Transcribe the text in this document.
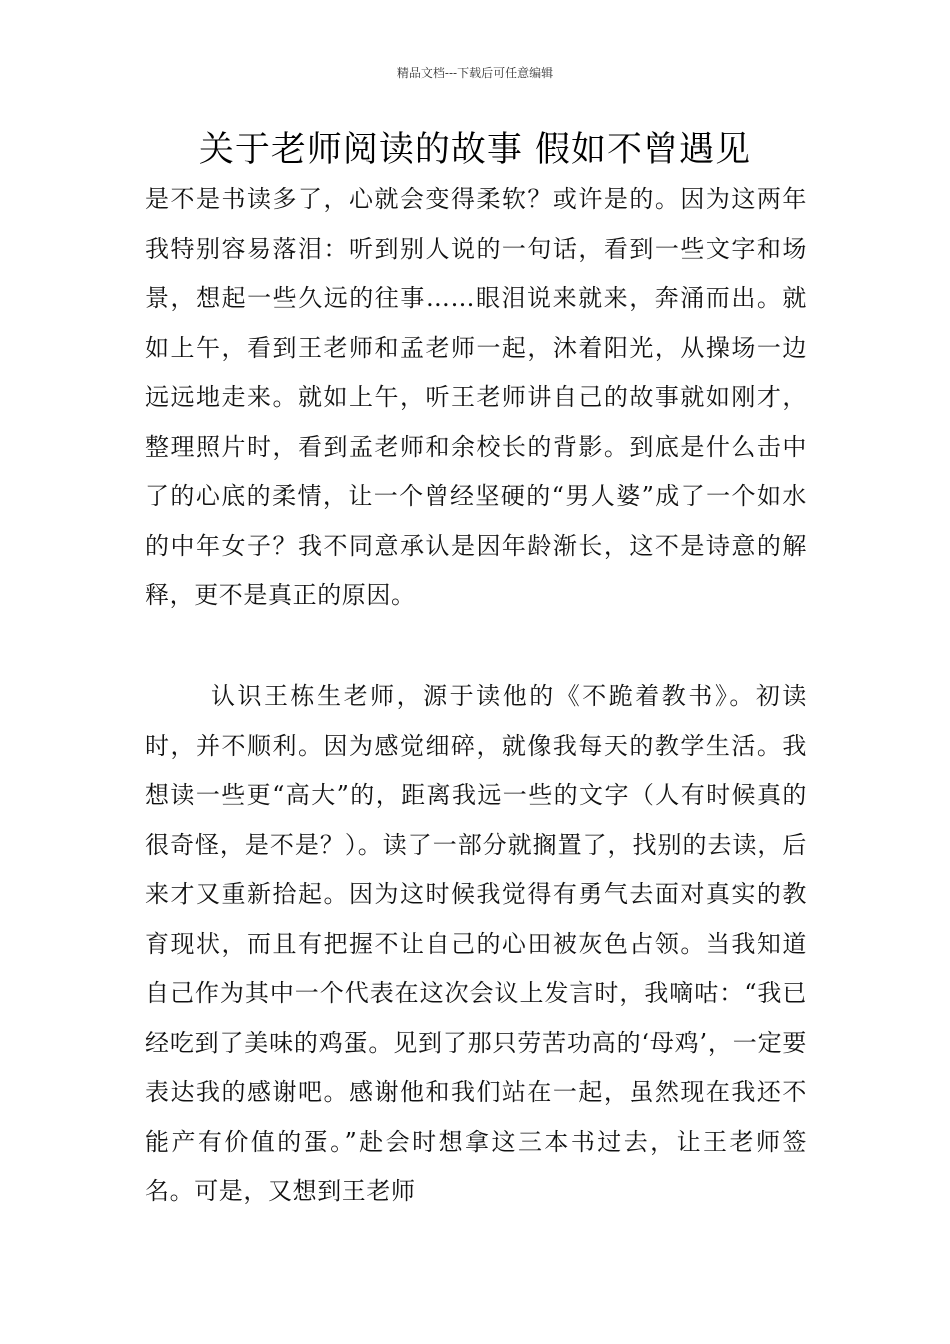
精品文档---下载后可任意编辑
关于老师阅读的故事 假如不曾遇见

是不是书读多了，心就会变得柔软？或许是的。因为这两年我特别容易落泪：听到别人说的一句话，看到一些文字和场景，想起一些久远的往事……眼泪说来就来，奔涌而出。就如上午，看到王老师和孟老师一起，沐着阳光，从操场一边远远地走来。就如上午，听王老师讲自己的故事就如刚才，整理照片时，看到孟老师和余校长的背影。到底是什么击中了的心底的柔情，让一个曾经坚硬的“男人婆”成了一个如水的中年女子？我不同意承认是因年龄渐长，这不是诗意的解释，更不是真正的原因。

认识王栋生老师，源于读他的《不跪着教书》。初读时，并不顺利。因为感觉细碎，就像我每天的教学生活。我想读一些更“高大”的，距离我远一些的文字（人有时候真的很奇怪，是不是？）。读了一部分就搁置了，找别的去读，后来才又重新拾起。因为这时候我觉得有勇气去面对真实的教育现状，而且有把握不让自己的心田被灰色占领。当我知道自己作为其中一个代表在这次会议上发言时，我嘀咕：“我已经吃到了美味的鸡蛋。见到了那只劳苦功高的‘母鸡’，一定要表达我的感谢吧。感谢他和我们站在一起，虽然现在我还不能产有价值的蛋。”赴会时想拿这三本书过去，让王老师签名。可是，又想到王老师
